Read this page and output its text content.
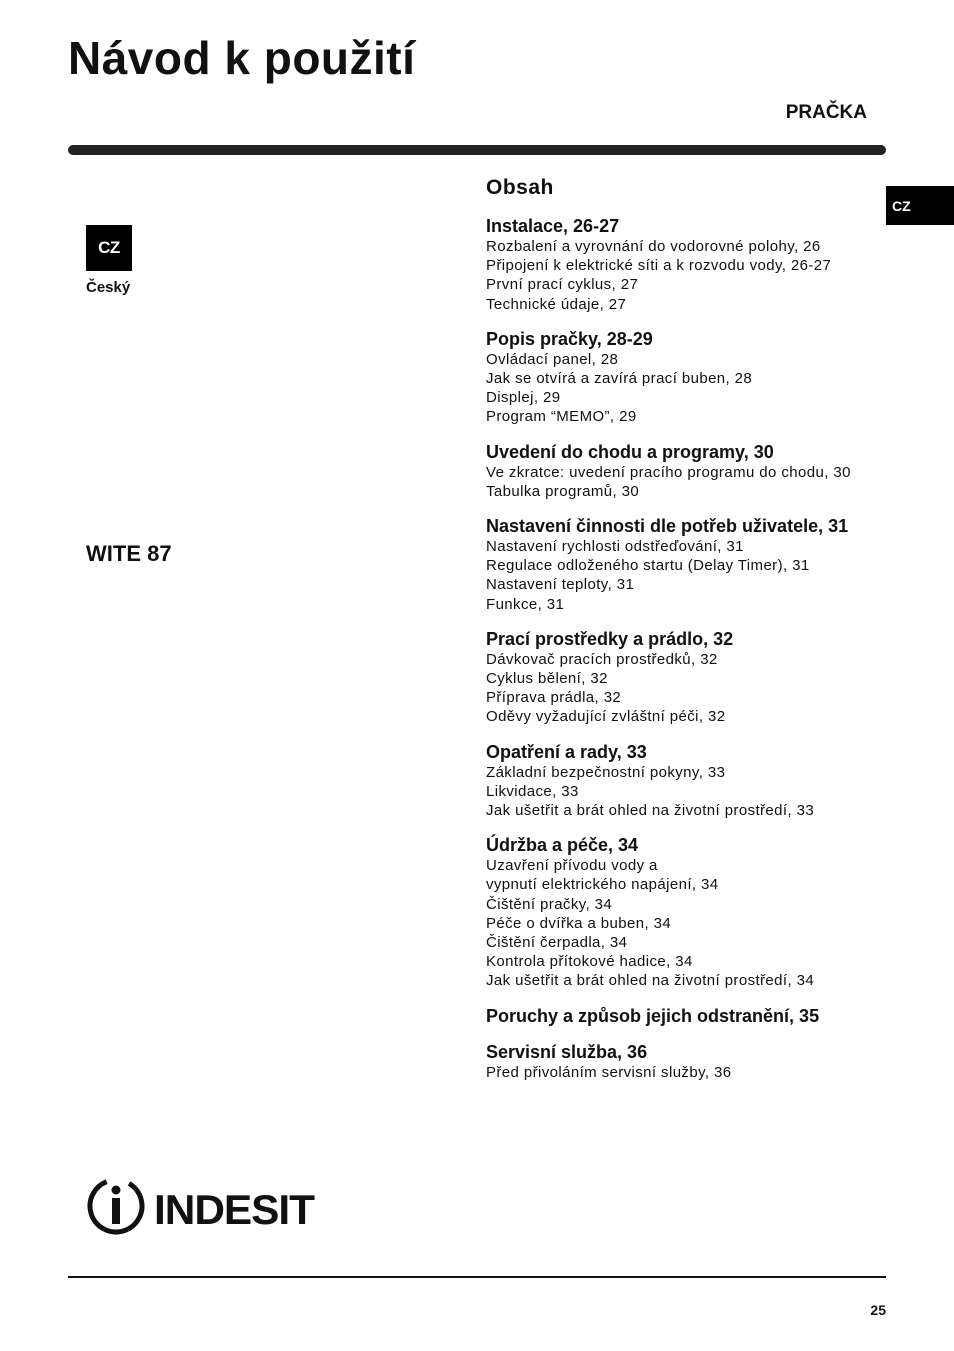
Návod k použití
PRAČKA
CZ
Český
CZ
WITE 87
Obsah
Instalace, 26-27
Rozbalení a vyrovnání do vodorovné polohy, 26
Připojení k elektrické síti a k rozvodu vody, 26-27
První prací cyklus, 27
Technické údaje, 27
Popis pračky, 28-29
Ovládací panel, 28
Jak se otvírá a zavírá prací buben, 28
Displej, 29
Program “MEMO”, 29
Uvedení do chodu a programy, 30
Ve zkratce: uvedení pracího programu do chodu, 30
Tabulka programů, 30
Nastavení činnosti dle potřeb uživatele, 31
Nastavení rychlosti odstřeďování, 31
Regulace odloženého startu (Delay Timer), 31
Nastavení teploty, 31
Funkce, 31
Prací prostředky a prádlo, 32
Dávkovač pracích prostředků, 32
Cyklus bělení, 32
Příprava prádla, 32
Oděvy vyžadující zvláštní péči, 32
Opatření a rady, 33
Základní bezpečnostní pokyny, 33
Likvidace, 33
Jak ušetřit a brát ohled na životní prostředí, 33
Údržba a péče, 34
Uzavření přívodu vody a
vypnutí elektrického napájení, 34
Čištění pračky, 34
Péče o dvířka a buben, 34
Čištění čerpadla, 34
Kontrola přítokové hadice, 34
Jak ušetřit a brát ohled na životní prostředí, 34
Poruchy a způsob jejich odstranění, 35
Servisní služba, 36
Před přivoláním servisní služby, 36
INDESIT
25
